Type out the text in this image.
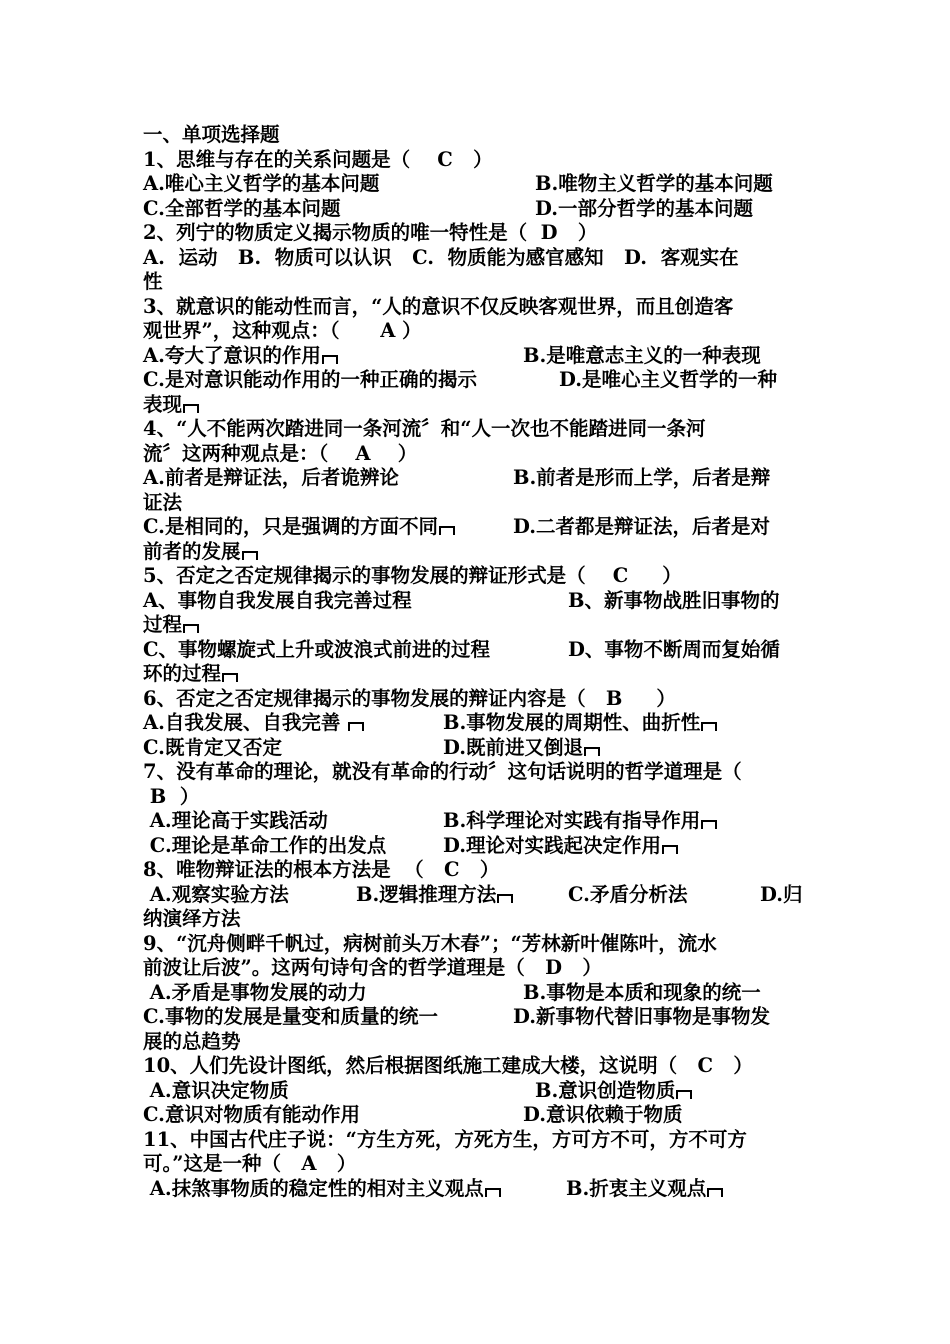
一、单项选择题
1、思维与存在的关系问题是（    C   ）

A.唯心主义哲学的基本问题

	B.唯物主义哲学的基本问题

C.全部哲学的基本问题

	D.一部分哲学的基本问题

2、列宁的物质定义揭示物质的唯一特性是（  D   ）
A.  运动   B.  物质可以认识   C.  物质能为感官感知   D.  客观实在
性
3、就意识的能动性而言，“人的意识不仅反映客观世界，而且创造客
观世界”，这种观点：（      A ）

A.夸大了意识的作用

	B.是唯意志主义的一种表现

C.是对意识能动作用的一种正确的揭示

	D.是唯心主义哲学的一种

表现
4、“人不能两次踏进同一条河流〞和“人一次也不能踏进同一条河
流〞这两种观点是：（    A    ）

A.前者是辩证法，后者诡辨论

	B.前者是形而上学，后者是辩

证法

C.是相同的，只是强调的方面不同

	D.二者都是辩证法，后者是对

前者的发展
5、否定之否定规律揭示的事物发展的辩证形式是（    C     ）

A、事物自我发展自我完善过程

	B、新事物战胜旧事物的

过程

C、事物螺旋式上升或波浪式前进的过程

	D、事物不断周而复始循

环的过程
6、否定之否定规律揭示的事物发展的辩证内容是（   B     ）

A.自我发展、自我完善

	B.事物发展的周期性、曲折性

C.既肯定又否定

	D.既前进又倒退

7、没有革命的理论，就没有革命的行动〞这句话说明的哲学道理是（
B  ）

A.理论高于实践活动

	B.科学理论对实践有指导作用

C.理论是革命工作的出发点

	D.理论对实践起决定作用

8、唯物辩证法的根本方法是  （   C   ）

A.观察实验方法

	B.逻辑推理方法

	C.矛盾分析法

	D.归

纳演绎方法
9、“沉舟侧畔千帆过，病树前头万木春”；“芳林新叶催陈叶，流水
前波让后波”。这两句诗句含的哲学道理是（   D   ）

A.矛盾是事物发展的动力

	B.事物是本质和现象的统一

C.事物的发展是量变和质量的统一

	D.新事物代替旧事物是事物发

展的总趋势
10、人们先设计图纸，然后根据图纸施工建成大楼，这说明（   C   ）

A.意识决定物质

	B.意识创造物质

C.意识对物质有能动作用

	D.意识依赖于物质

11、中国古代庄子说：“方生方死，方死方生，方可方不可，方不可方
可。”这是一种（   A   ）

A.抹煞事物质的稳定性的相对主义观点

	B.折衷主义观点
